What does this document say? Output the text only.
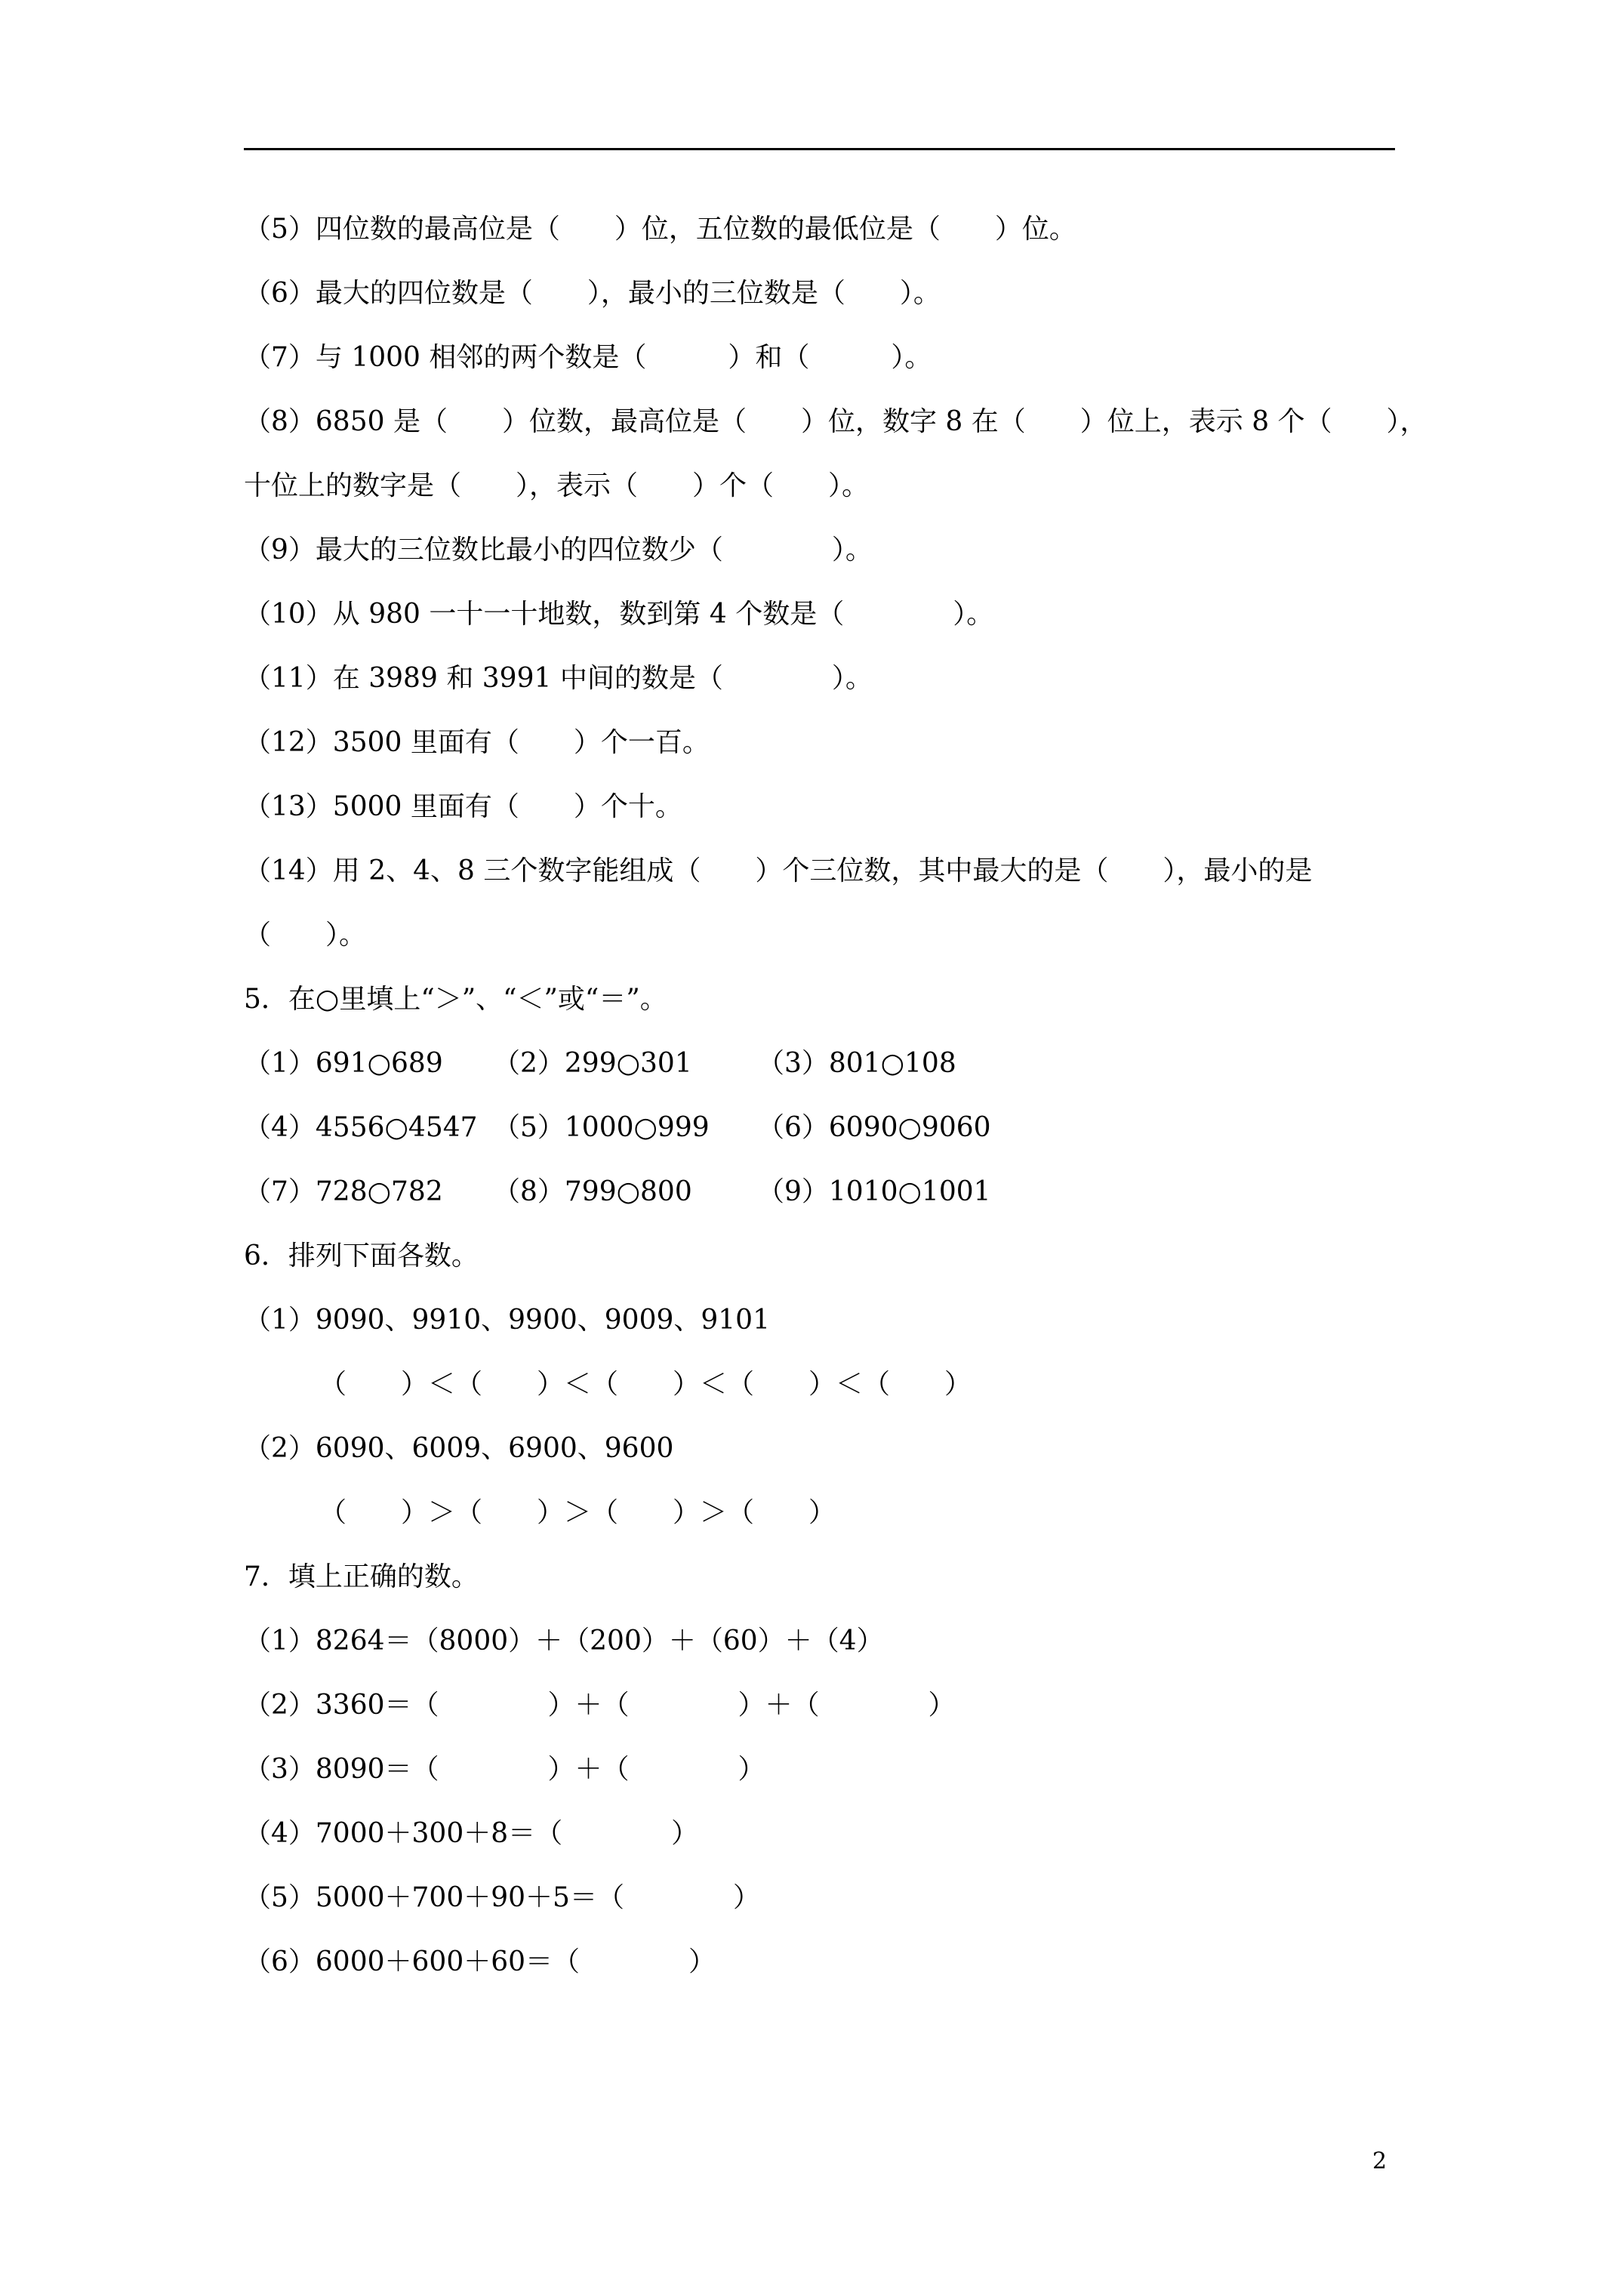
（5）四位数的最高位是（　　）位，五位数的最低位是（　　）位。
（6）最大的四位数是（　　），最小的三位数是（　　）。
（7）与 1000 相邻的两个数是（　　　）和（　　　）。
（8）6850 是（　　）位数，最高位是（　　）位，数字 8 在（　　）位上，表示 8 个（　　），
十位上的数字是（　　），表示（　　）个（　　）。
（9）最大的三位数比最小的四位数少（　　　　）。
（10）从 980 一十一十地数，数到第 4 个数是（　　　　）。
（11）在 3989 和 3991 中间的数是（　　　　）。
（12）3500 里面有（　　）个一百。
（13）5000 里面有（　　）个十。
（14）用 2、4、8 三个数字能组成（　　）个三位数，其中最大的是（　　），最小的是
（　　）。
5．在○里填上“＞”、“＜”或“＝”。
（1）691○689 （2）299○301 （3）801○108
（4）4556○4547 （5）1000○999 （6）6090○9060
（7）728○782 （8）799○800 （9）1010○1001
6．排列下面各数。
（1）9090、9910、9900、9009、9101
（　　）＜（　　）＜（　　）＜（　　）＜（　　）
（2）6090、6009、6900、9600
（　　）＞（　　）＞（　　）＞（　　）
7．填上正确的数。
（1）8264＝（8000）＋（200）＋（60）＋（4）
（2）3360＝（　　　　）＋（　　　　）＋（　　　　）
（3）8090＝（　　　　）＋（　　　　）
（4）7000＋300＋8＝（　　　　）
（5）5000＋700＋90＋5＝（　　　　）
（6）6000＋600＋60＝（　　　　）
2
